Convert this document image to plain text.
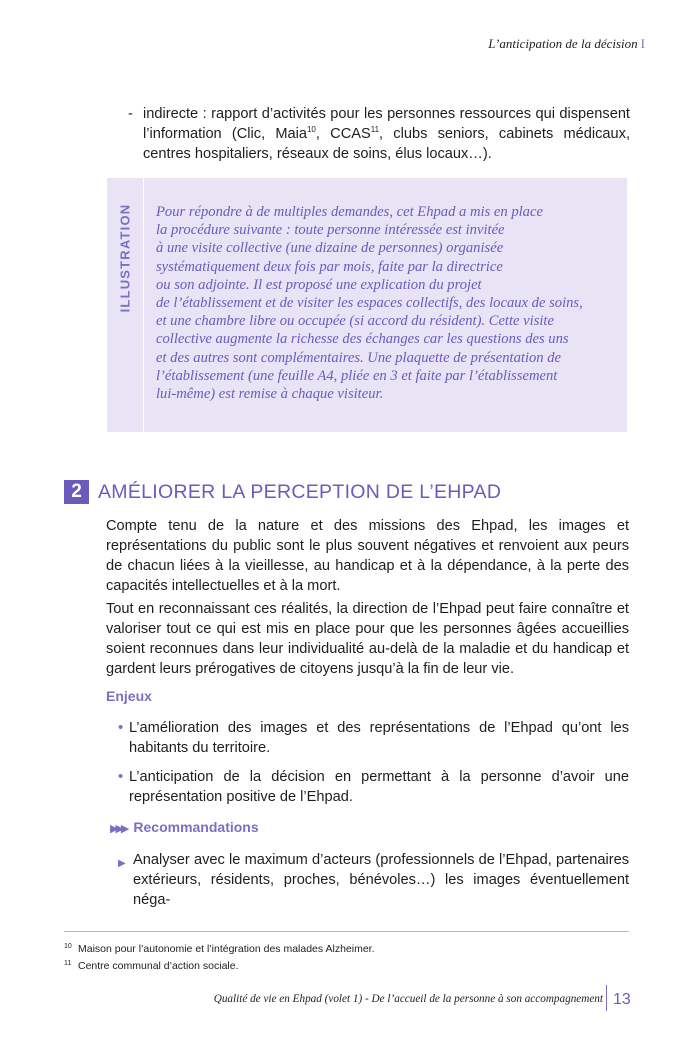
L’anticipation de la décision I
- indirecte : rapport d’activités pour les personnes ressources qui dispensent l’information (Clic, Maia$^{10}$, CCAS$^{11}$, clubs seniors, cabinets médicaux, centres hospitaliers, réseaux de soins, élus locaux…).
ILLUSTRATION Pour répondre à de multiples demandes, cet Ehpad a mis en place
la procédure suivante : toute personne intéressée est invitée
à une visite collective (une dizaine de personnes) organisée
systématiquement deux fois par mois, faite par la directrice
ou son adjointe. Il est proposé une explication du projet
de l’établissement et de visiter les espaces collectifs, des locaux de soins,
et une chambre libre ou occupée (si accord du résident). Cette visite
collective augmente la richesse des échanges car les questions des uns
et des autres sont complémentaires. Une plaquette de présentation de
l’établissement (une feuille A4, pliée en 3 et faite par l’établissement
lui-même) est remise à chaque visiteur.
2 AMÉLIORER LA PERCEPTION DE L’EHPAD
Compte tenu de la nature et des missions des Ehpad, les images et représentations du public sont le plus souvent négatives et renvoient aux peurs de chacun liées à la vieillesse, au handicap et à la dépendance, à la perte des capacités intellectuelles et à la mort.
Tout en reconnaissant ces réalités, la direction de l’Ehpad peut faire connaître et valoriser tout ce qui est mis en place pour que les personnes âgées accueillies soient reconnues dans leur individualité au-delà de la maladie et du handicap et gardent leurs prérogatives de citoyens jusqu’à la fin de leur vie.
Enjeux
• L’amélioration des images et des représentations de l’Ehpad qu’ont les habitants du territoire.
• L’anticipation de la décision en permettant à la personne d’avoir une représentation positive de l’Ehpad.
▶▶▶ Recommandations
▶ Analyser avec le maximum d’acteurs (professionnels de l’Ehpad, partenaires extérieurs, résidents, proches, bénévoles…) les images éventuellement néga-
10 Maison pour l’autonomie et l’intégration des malades Alzheimer.
11 Centre communal d’action sociale.
Qualité de vie en Ehpad (volet 1) - De l’accueil de la personne à son accompagnement 13
